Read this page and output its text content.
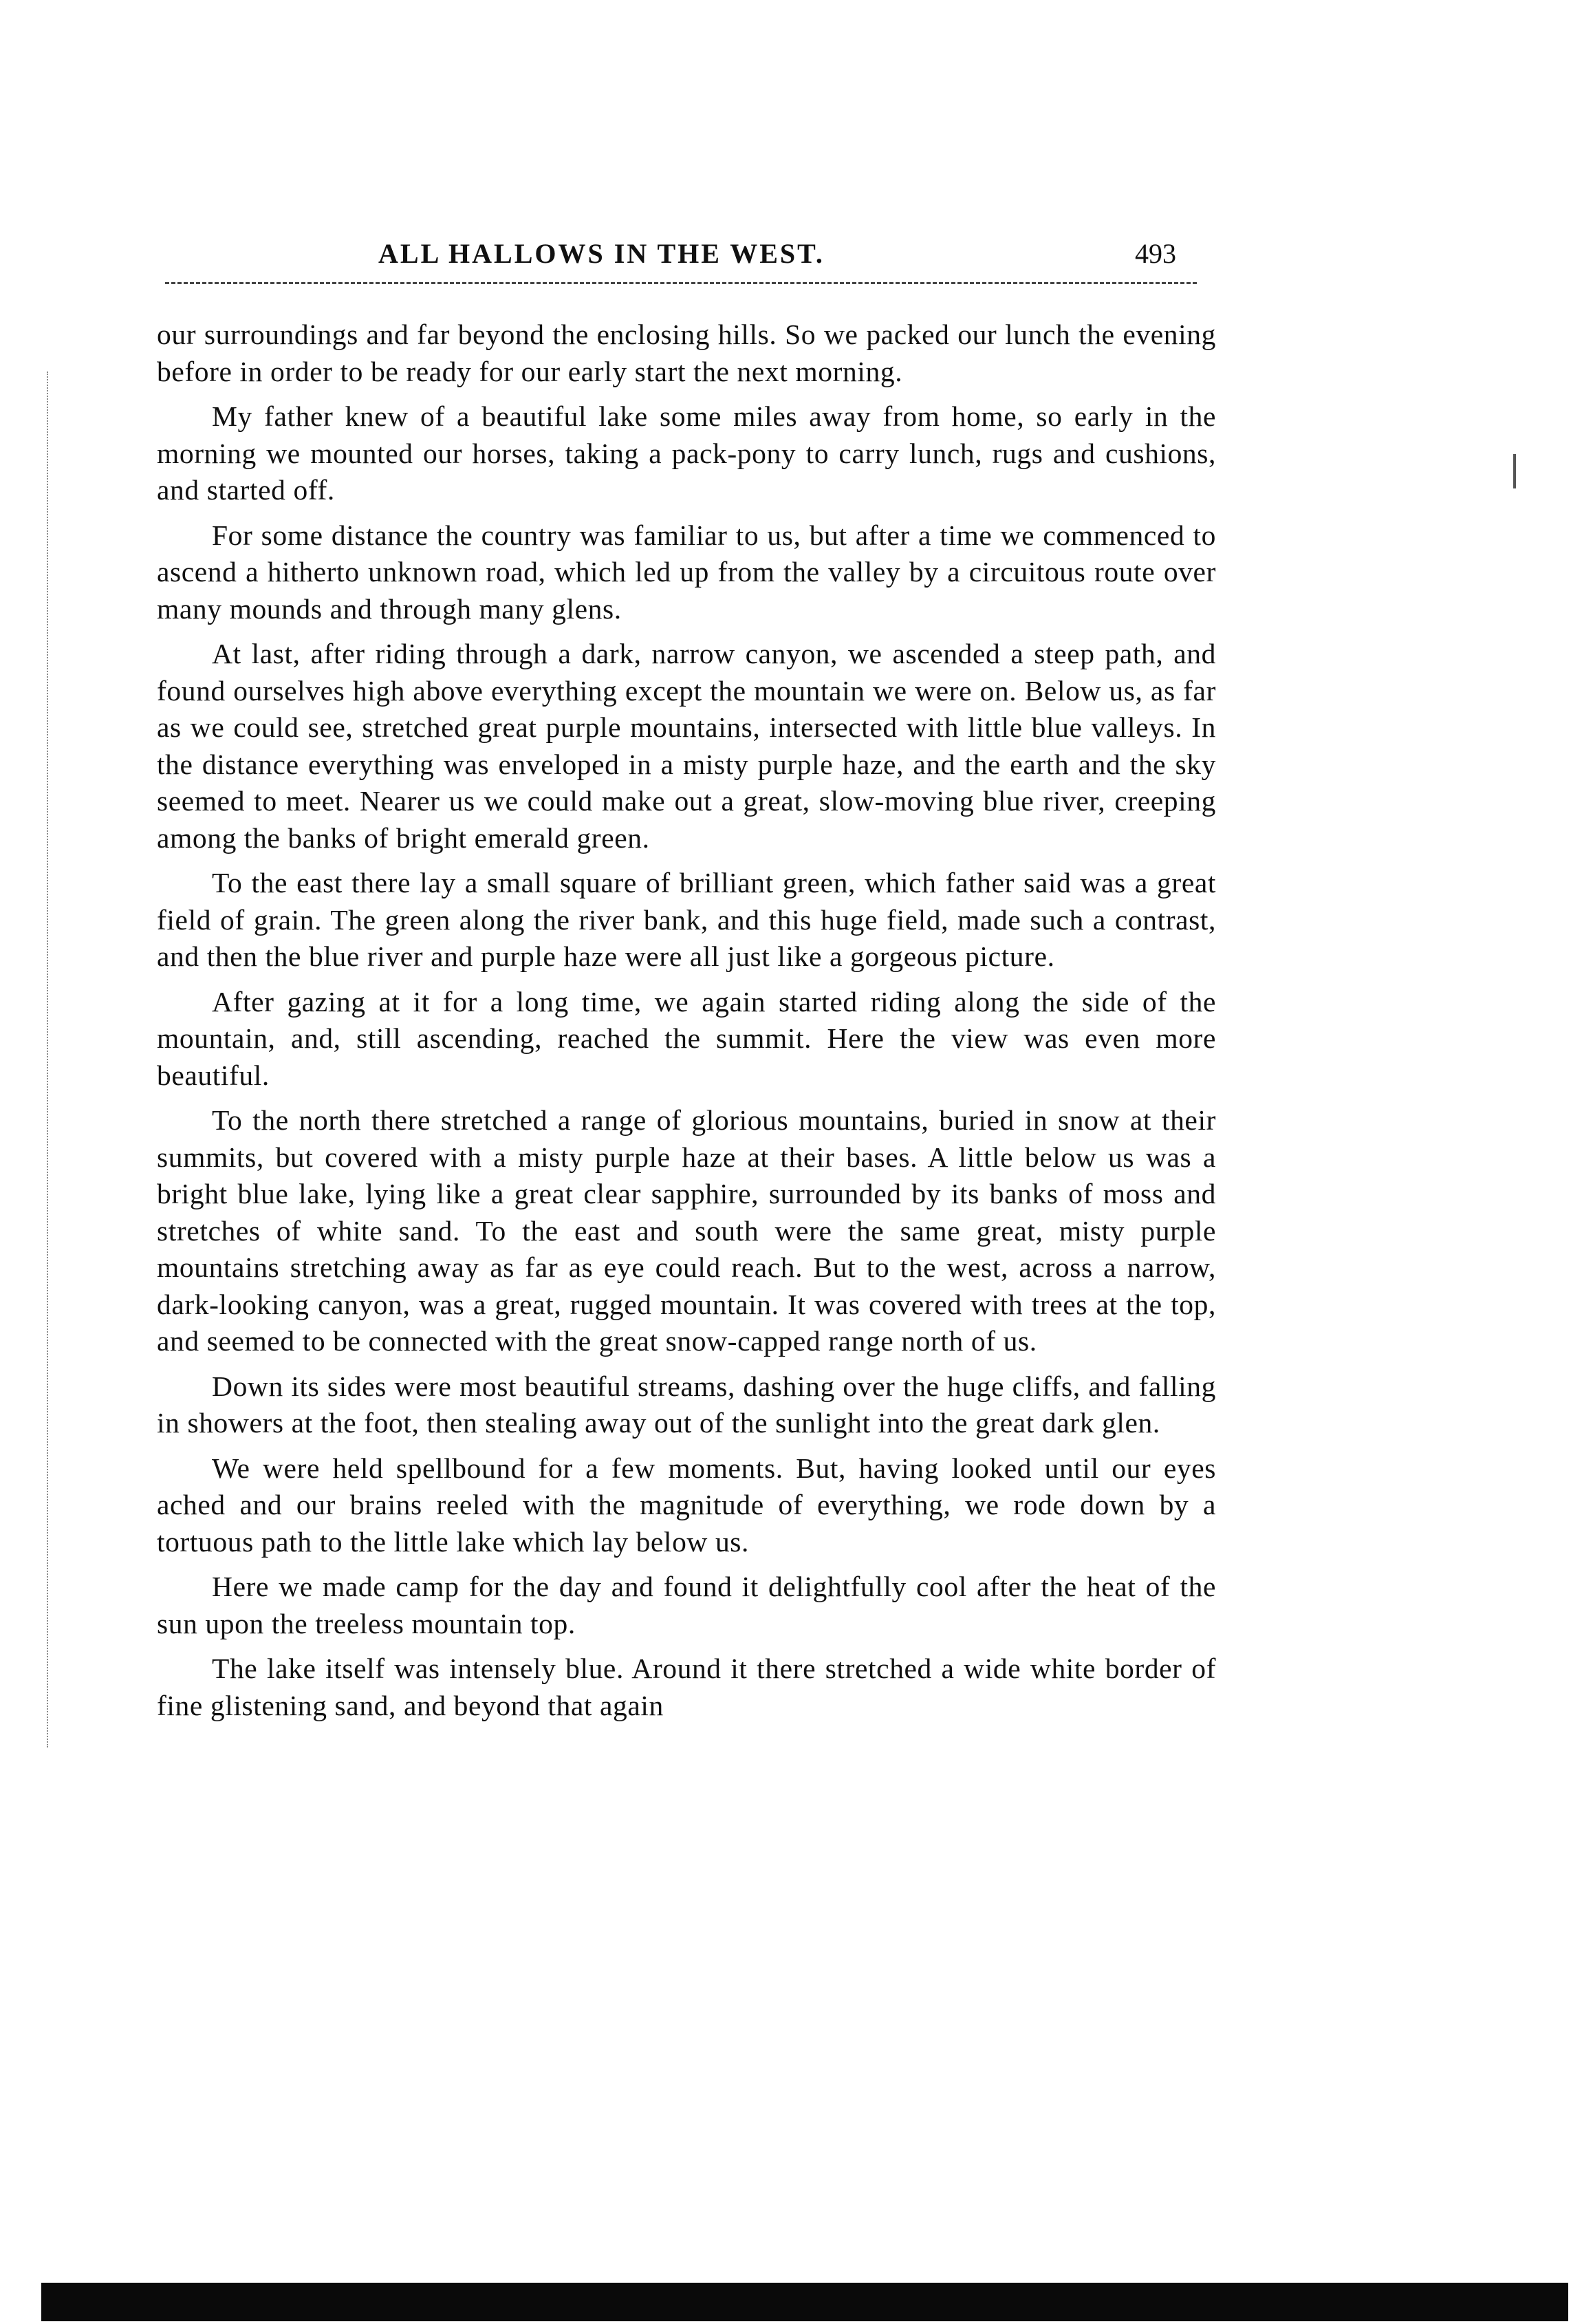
ALL HALLOWS IN THE WEST.	493

our surroundings and far beyond the enclosing hills. So we packed our lunch the evening before in order to be ready for our early start the next morning.

My father knew of a beautiful lake some miles away from home, so early in the morning we mounted our horses, taking a pack-pony to carry lunch, rugs and cushions, and started off.

For some distance the country was familiar to us, but after a time we commenced to ascend a hitherto unknown road, which led up from the valley by a circuitous route over many mounds and through many glens.

At last, after riding through a dark, narrow canyon, we ascended a steep path, and found ourselves high above everything except the mountain we were on. Below us, as far as we could see, stretched great purple mountains, intersected with little blue valleys. In the distance everything was enveloped in a misty purple haze, and the earth and the sky seemed to meet. Nearer us we could make out a great, slow-moving blue river, creeping among the banks of bright emerald green.

To the east there lay a small square of brilliant green, which father said was a great field of grain. The green along the river bank, and this huge field, made such a contrast, and then the blue river and purple haze were all just like a gorgeous picture.

After gazing at it for a long time, we again started riding along the side of the mountain, and, still ascending, reached the summit. Here the view was even more beautiful.

To the north there stretched a range of glorious mountains, buried in snow at their summits, but covered with a misty purple haze at their bases. A little below us was a bright blue lake, lying like a great clear sapphire, surrounded by its banks of moss and stretches of white sand. To the east and south were the same great, misty purple mountains stretching away as far as eye could reach. But to the west, across a narrow, dark-looking canyon, was a great, rugged mountain. It was covered with trees at the top, and seemed to be connected with the great snow-capped range north of us.

Down its sides were most beautiful streams, dashing over the huge cliffs, and falling in showers at the foot, then stealing away out of the sunlight into the great dark glen.

We were held spellbound for a few moments. But, having looked until our eyes ached and our brains reeled with the magnitude of everything, we rode down by a tortuous path to the little lake which lay below us.

Here we made camp for the day and found it delightfully cool after the heat of the sun upon the treeless mountain top.

The lake itself was intensely blue. Around it there stretched a wide white border of fine glistening sand, and beyond that again
